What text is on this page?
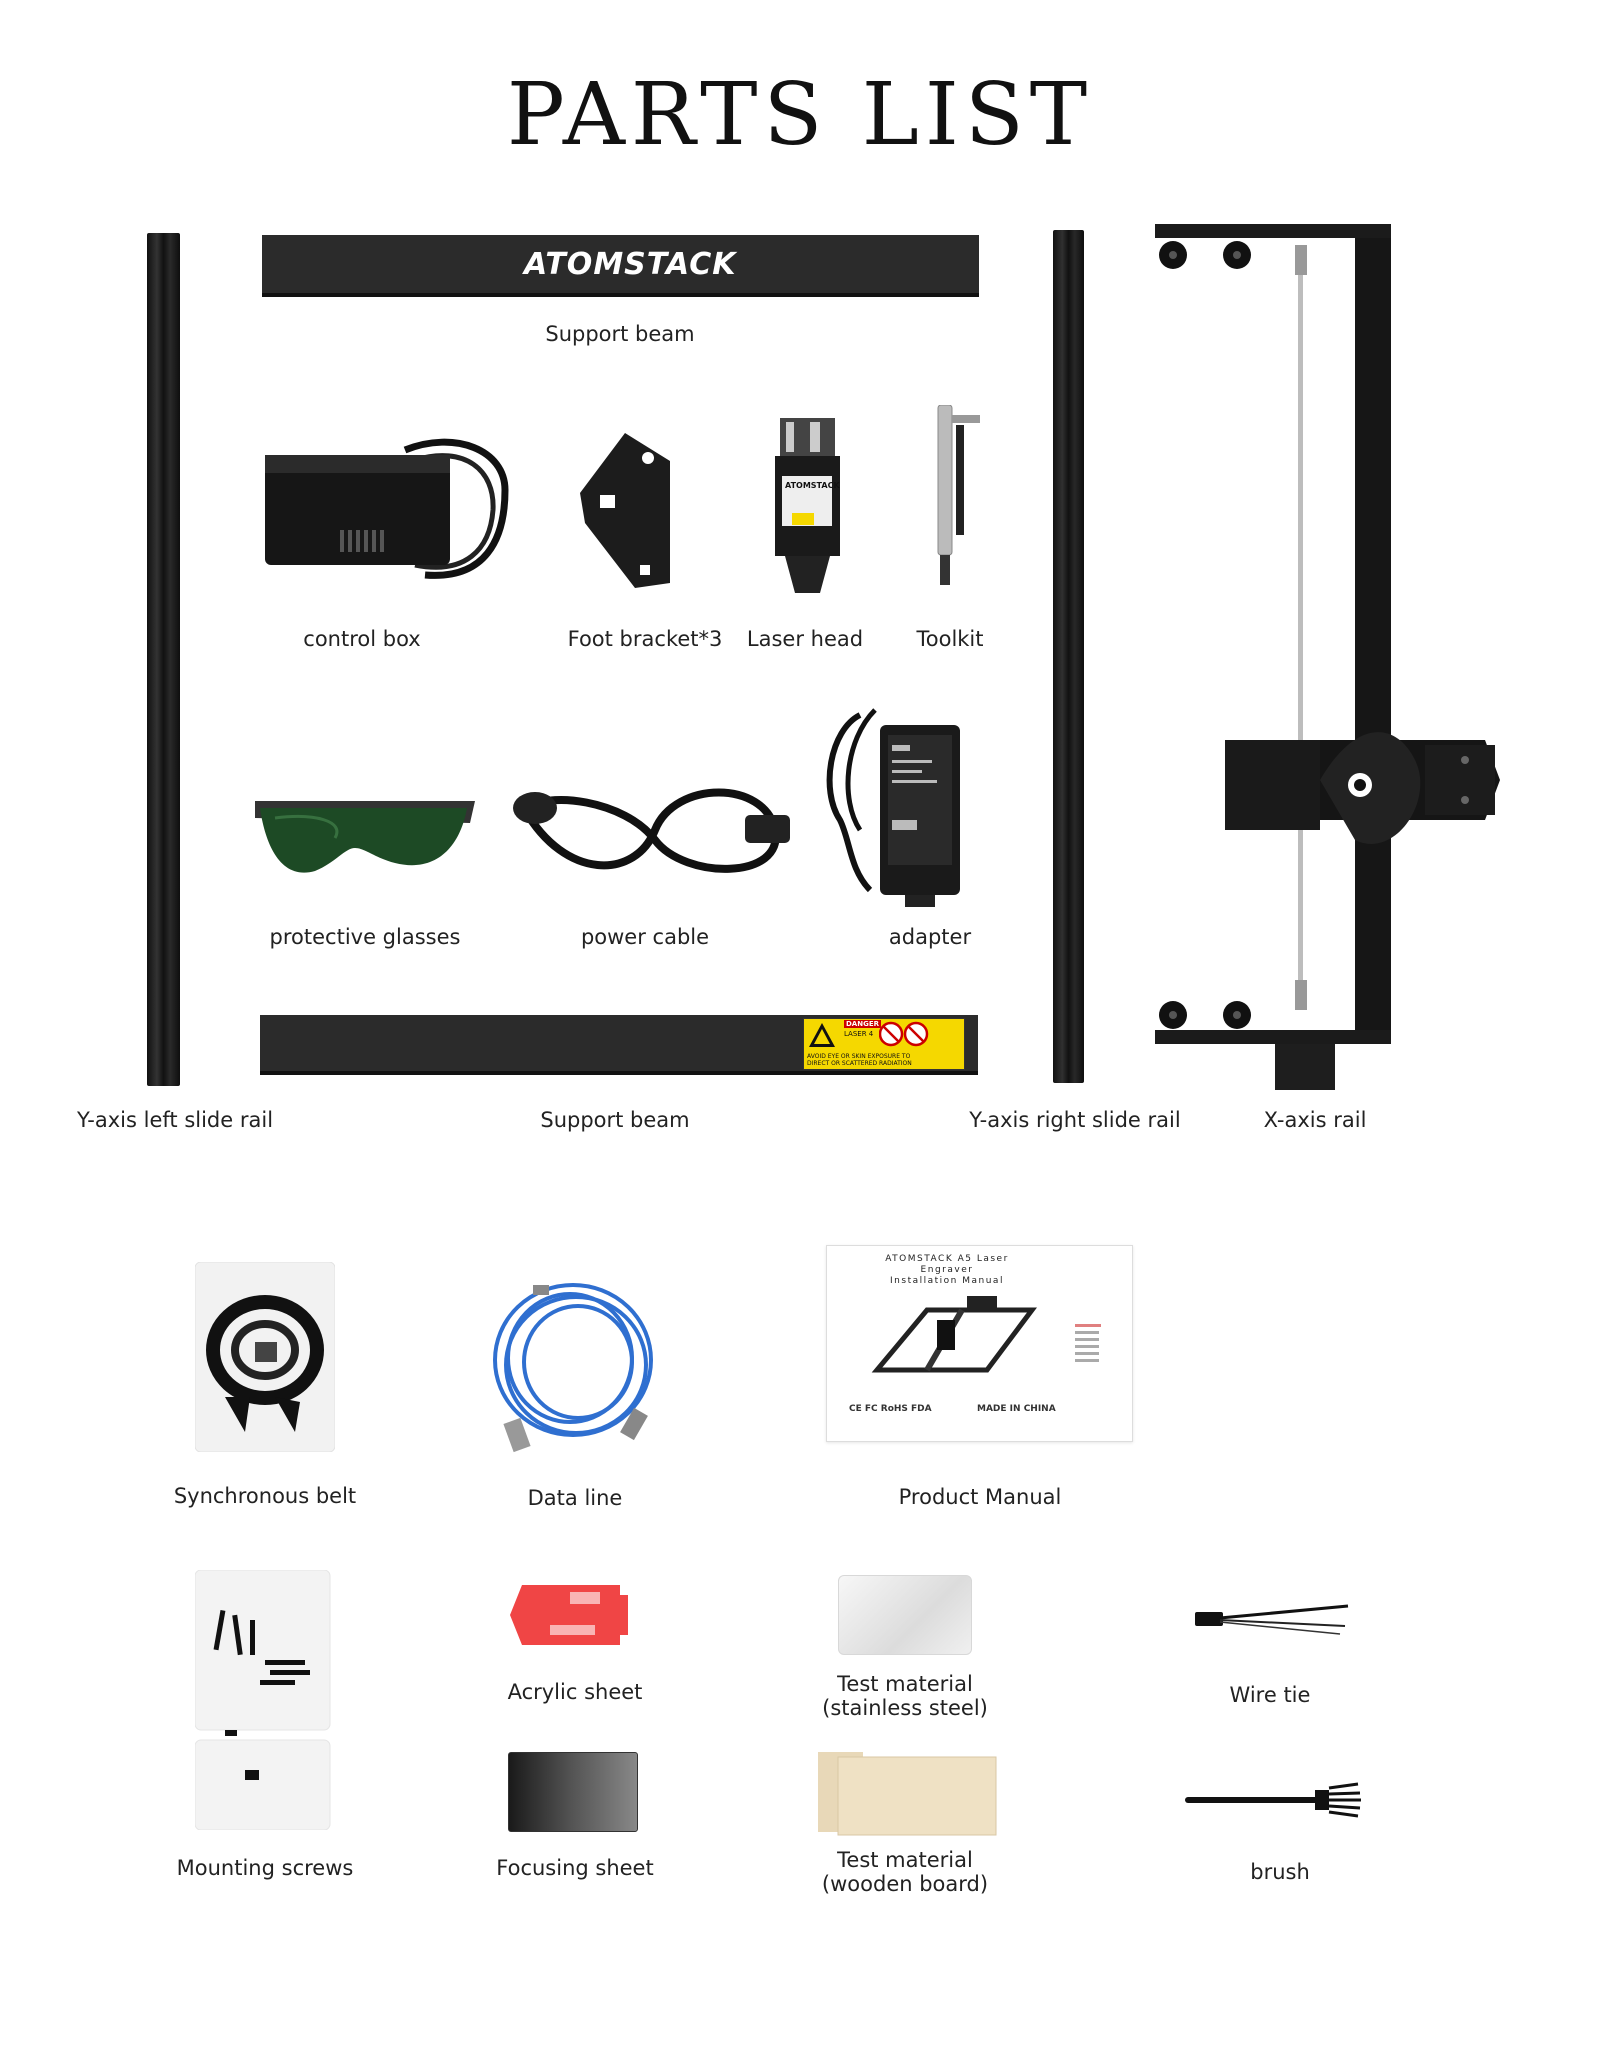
PARTS LIST
ATOMSTACK
Support beam
control box	Foot bracket*3
ATOMSTACK
Laser head	Toolkit
protective glasses	power cable	adapter
DANGER
LASER 4
AVOID EYE OR SKIN EXPOSURE TO
DIRECT OR SCATTERED RADIATION
Y-axis left slide rail	Support beam	Y-axis right slide rail	X-axis rail
Synchronous belt	Data line
ATOMSTACK A5 Laser
Engraver
Installation Manual
CE FC RoHS FDA	MADE IN CHINA
Product Manual
Mounting screws
Acrylic sheet	Test material
(stainless steel)
Wire tie
Focusing sheet	Test material
(wooden board)	brush
